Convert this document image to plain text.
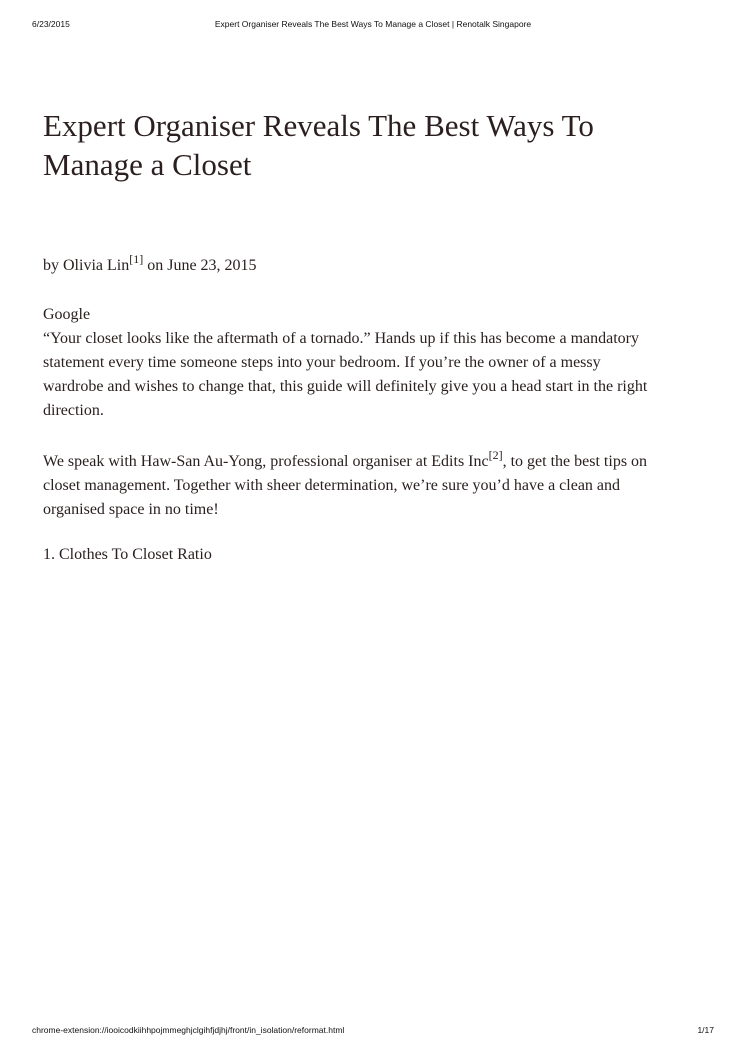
6/23/2015	Expert Organiser Reveals The Best Ways To Manage a Closet | Renotalk Singapore
Expert Organiser Reveals The Best Ways To Manage a Closet
by Olivia Lin[1] on June 23, 2015

Google

“Your closet looks like the aftermath of a tornado.” Hands up if this has become a mandatory statement every time someone steps into your bedroom. If you’re the owner of a messy wardrobe and wishes to change that, this guide will definitely give you a head start in the right direction.

We speak with Haw-San Au-Yong, professional organiser at Edits Inc[2], to get the best tips on closet management. Together with sheer determination, we’re sure you’d have a clean and organised space in no time!

1. Clothes To Closet Ratio
chrome-extension://iooicodkiihhpojmmeghjclgihfjdjhj/front/in_isolation/reformat.html	1/17
